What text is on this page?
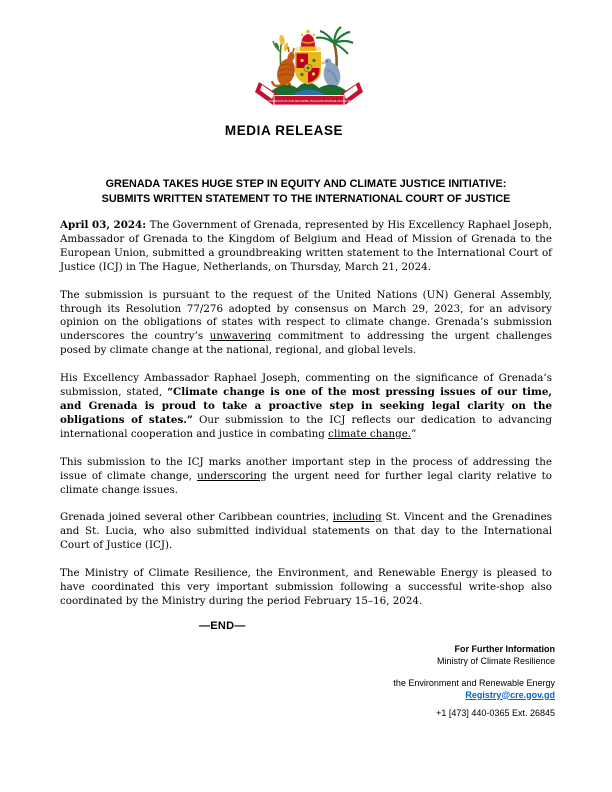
EVER CONSCIOUS OF GOD WE ASPIRE, BUILD AND ADVANCE AS ONE PEOPLE
MEDIA RELEASE
GRENADA TAKES HUGE STEP IN EQUITY AND CLIMATE JUSTICE INITIATIVE:
SUBMITS WRITTEN STATEMENT TO THE INTERNATIONAL COURT OF JUSTICE

April 03, 2024: The Government of Grenada, represented by His Excellency Raphael Joseph, Ambassador of Grenada to the Kingdom of Belgium and Head of Mission of Grenada to the European Union, submitted a groundbreaking written statement to the International Court of Justice (ICJ) in The Hague, Netherlands, on Thursday, March 21, 2024.

The submission is pursuant to the request of the United Nations (UN) General Assembly, through its Resolution 77/276 adopted by consensus on March 29, 2023, for an advisory opinion on the obligations of states with respect to climate change. Grenada’s submission underscores the country’s unwavering commitment to addressing the urgent challenges posed by climate change at the national, regional, and global levels.

His Excellency Ambassador Raphael Joseph, commenting on the significance of Grenada’s submission, stated, “Climate change is one of the most pressing issues of our time, and Grenada is proud to take a proactive step in seeking legal clarity on the obligations of states.” Our submission to the ICJ reflects our dedication to advancing international cooperation and justice in combating climate change.”

This submission to the ICJ marks another important step in the process of addressing the issue of climate change, underscoring the urgent need for further legal clarity relative to climate change issues.

Grenada joined several other Caribbean countries, including St. Vincent and the Grenadines and St. Lucia, who also submitted individual statements on that day to the International Court of Justice (ICJ).

The Ministry of Climate Resilience, the Environment, and Renewable Energy is pleased to have coordinated this very important submission following a successful write-shop also coordinated by the Ministry during the period February 15–16, 2024.

—END—
For Further Information
Ministry of Climate Resilience
the Environment and Renewable Energy
Registry@cre.gov.gd
+1 [473] 440-0365 Ext. 26845
